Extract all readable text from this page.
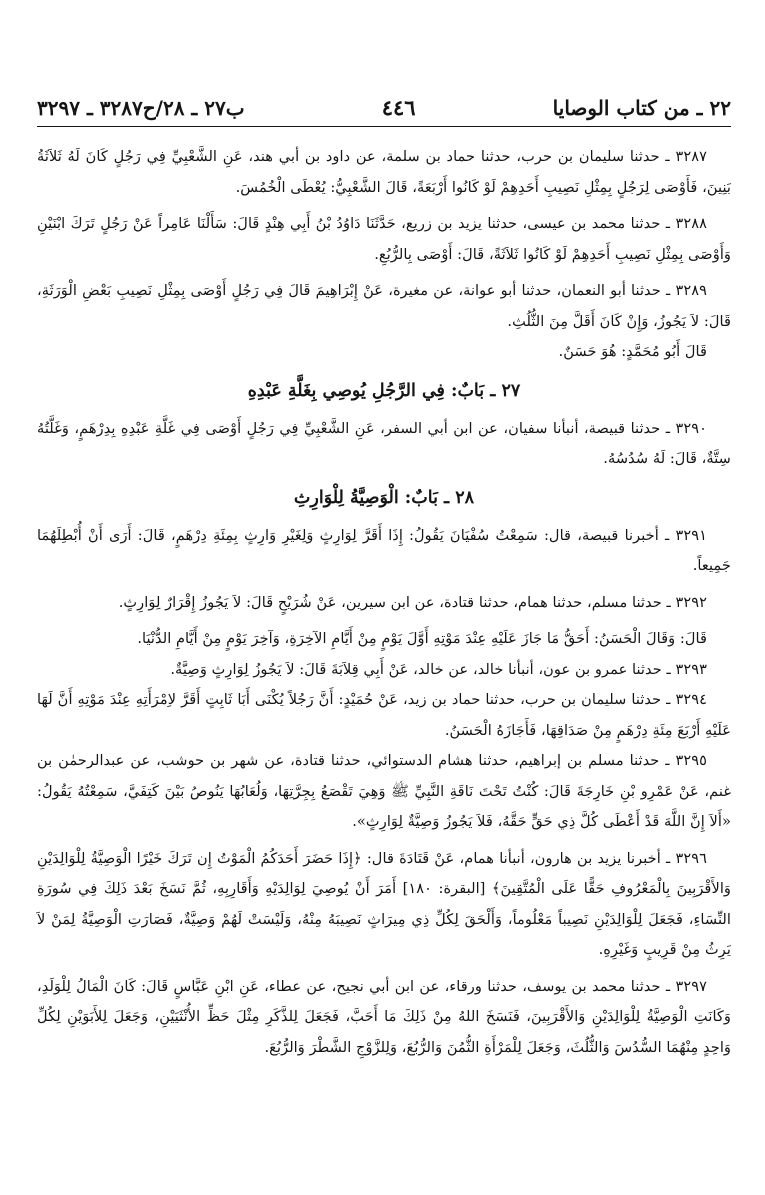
٢٢ ـ من كتاب الوصايا
٤٤٦
ب٢٧ ـ ٢٨/ح٣٢٨٧ ـ ٣٢٩٧

٣٢٨٧ ـ حدثنا سليمان بن حرب، حدثنا حماد بن سلمة، عن داود بن أبي هند، عَنِ الشَّعْبِيِّ فِي رَجُلٍ كَانَ لَهُ ثَلاَثَةُ بَنِينَ، فَأَوْصَى لِرَجُلٍ بِمِثْلِ نَصِيبِ أَحَدِهِمْ لَوْ كَانُوا أَرْبَعَةً، قَالَ الشَّعْبِيُّ: يُعْطَى الْخُمُسَ.

٣٢٨٨ ـ حدثنا محمد بن عيسى، حدثنا يزيد بن زريع، حَدَّثَنَا دَاوُدُ بْنُ أَبِي هِنْدٍ قَالَ: سَأَلْنَا عَامِراً عَنْ رَجُلٍ تَرَكَ ابْنَيْنِ وَأَوْصَى بِمِثْلِ نَصِيبِ أَحَدِهِمْ لَوْ كَانُوا ثَلاَثَةً، قَالَ: أَوْصَى بِالرُّبُعِ.

٣٢٨٩ ـ حدثنا أبو النعمان، حدثنا أبو عوانة، عن مغيرة، عَنْ إِبْرَاهِيمَ قَالَ فِي رَجُلٍ أَوْصَى بِمِثْلِ نَصِيبِ بَعْضِ الْوَرَثَةِ، قَالَ: لاَ يَجُوزُ، وَإِنْ كَانَ أَقَلَّ مِنَ الثُّلُثِ.

قَالَ أَبُو مُحَمَّدٍ: هُوَ حَسَنٌ.

٢٧ ـ بَابٌ: فِي الرَّجُلِ يُوصِي بِغَلَّةِ عَبْدِهِ

٣٢٩٠ ـ حدثنا قبيصة، أنبأنا سفيان، عن ابن أبي السفر، عَنِ الشَّعْبِيِّ فِي رَجُلٍ أَوْصَى فِي غَلَّةِ عَبْدِهِ بِدِرْهَمٍ، وَغَلَّتُهُ سِتَّةٌ، قَالَ: لَهُ سُدُسُهُ.

٢٨ ـ بَابٌ: الْوَصِيَّةُ لِلْوَارِثِ

٣٢٩١ ـ أخبرنا قبيصة، قال: سَمِعْتُ سُفْيَانَ يَقُولُ: إِذَا أَقَرَّ لِوَارِثٍ وَلِغَيْرِ وَارِثٍ بِمِئَةِ دِرْهَمٍ، قَالَ: أَرَى أَنْ أُبْطِلَهُمَا جَمِيعاً.

٣٢٩٢ ـ حدثنا مسلم، حدثنا همام، حدثنا قتادة، عن ابن سيرين، عَنْ شُرَيْحٍ قَالَ: لاَ يَجُوزُ إِقْرَارٌ لِوَارِثٍ.

قَالَ: وَقَالَ الْحَسَنُ: أَحَقُّ مَا جَازَ عَلَيْهِ عِنْدَ مَوْتِهِ أَوَّلَ يَوْمٍ مِنْ أَيَّامِ الآخِرَةِ، وَآخِرَ يَوْمٍ مِنْ أَيَّامِ الدُّنْيَا.

٣٢٩٣ ـ حدثنا عمرو بن عون، أنبأنا خالد، عن خالد، عَنْ أَبِي قِلاَبَةَ قَالَ: لاَ يَجُوزُ لِوَارِثٍ وَصِيَّةٌ.

٣٢٩٤ ـ حدثنا سليمان بن حرب، حدثنا حماد بن زيد، عَنْ حُمَيْدٍ: أَنَّ رَجُلاً يُكْنَى أَبَا ثَابِتٍ أَقَرَّ لاِمْرَأَتِهِ عِنْدَ مَوْتِهِ أَنَّ لَهَا عَلَيْهِ أَرْبَعَ مِئَةِ دِرْهَمٍ مِنْ صَدَاقِهَا، فَأَجَازَهُ الْحَسَنُ.

٣٢٩٥ ـ حدثنا مسلم بن إبراهيم، حدثنا هشام الدستوائي، حدثنا قتادة، عن شهر بن حوشب، عن عبدالرحمٰن بن غنم، عَنْ عَمْرِو بْنِ خَارِجَةَ قَالَ: كُنْتُ تَحْتَ نَاقَةِ النَّبِيِّ ﷺ وَهِيَ تَقْصَعُ بِجِرَّتِهَا، وَلُعَابُهَا يَنُوصُ بَيْنَ كَتِفَيَّ، سَمِعْتُهُ يَقُولُ: «أَلاَ إِنَّ اللَّهَ قَدْ أَعْطَى كُلَّ ذِي حَقٍّ حَقَّهُ، فَلاَ يَجُوزُ وَصِيَّةٌ لِوَارِثٍ».

٣٢٩٦ ـ أخبرنا يزيد بن هارون، أنبأنا همام، عَنْ قَتَادَةَ قال: ﴿إِذَا حَضَرَ أَحَدَكُمُ الْمَوْتُ إِن تَرَكَ خَيْرًا الْوَصِيَّةُ لِلْوَالِدَيْنِ وَالأَقْرَبِينَ بِالْمَعْرُوفِ حَقًّا عَلَى الْمُتَّقِينَ﴾ [البقرة: ١٨٠] أَمَرَ أَنْ يُوصِيَ لِوَالِدَيْهِ وَأَقَارِبِهِ، ثُمَّ نَسَخَ بَعْدَ ذَلِكَ فِي سُورَةِ النِّسَاءِ، فَجَعَلَ لِلْوَالِدَيْنِ نَصِيباً مَعْلُوماً، وَأَلْحَقَ لِكُلِّ ذِي مِيرَاثٍ نَصِيبَهُ مِنْهُ، وَلَيْسَتْ لَهُمْ وَصِيَّةٌ، فَصَارَتِ الْوَصِيَّةُ لِمَنْ لاَ يَرِثُ مِنْ قَرِيبٍ وَغَيْرِهِ.

٣٢٩٧ ـ حدثنا محمد بن يوسف، حدثنا ورقاء، عن ابن أبي نجيح، عن عطاء، عَنِ ابْنِ عَبَّاسٍ قَالَ: كَانَ الْمَالُ لِلْوَلَدِ، وَكَانَتِ الْوَصِيَّةُ لِلْوَالِدَيْنِ وَالأَقْرَبِينَ، فَنَسَخَ اللهُ مِنْ ذَلِكَ مَا أَحَبَّ، فَجَعَلَ لِلذَّكَرِ مِثْلَ حَظِّ الأُنْثَيَيْنِ، وَجَعَلَ لِلأَبَوَيْنِ لِكُلِّ وَاحِدٍ مِنْهُمَا السُّدُسَ وَالثُّلُثَ، وَجَعَلَ لِلْمَرْأَةِ الثُّمُنَ وَالرُّبُعَ، وَلِلزَّوْجِ الشَّطْرَ وَالرُّبُعَ.
